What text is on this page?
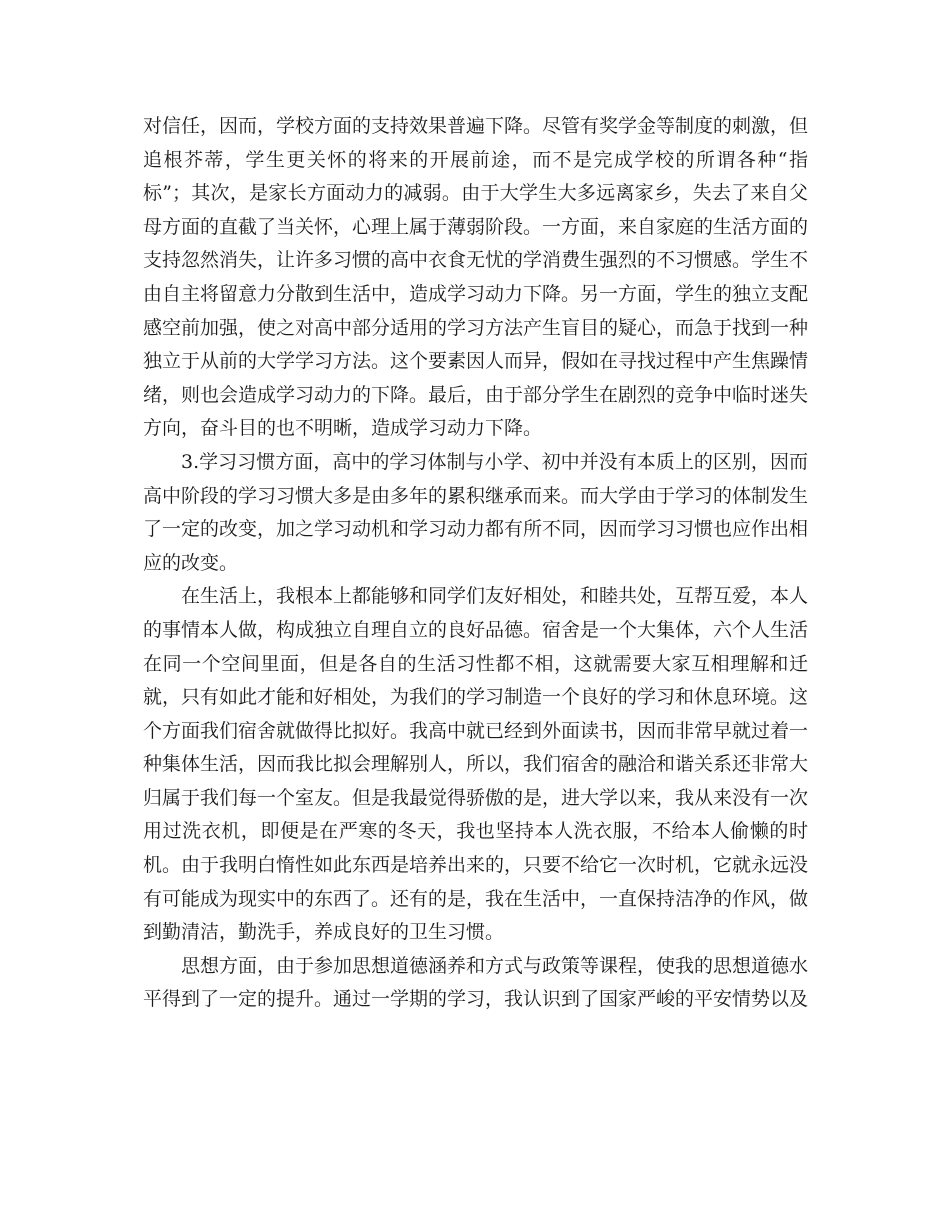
对信任，因而，学校方面的支持效果普遍下降。尽管有奖学金等制度的刺激，但追根芥蒂，学生更关怀的将来的开展前途，而不是完成学校的所谓各种“指标”；其次，是家长方面动力的减弱。由于大学生大多远离家乡，失去了来自父母方面的直截了当关怀，心理上属于薄弱阶段。一方面，来自家庭的生活方面的支持忽然消失，让许多习惯的高中衣食无忧的学消费生强烈的不习惯感。学生不由自主将留意力分散到生活中，造成学习动力下降。另一方面，学生的独立支配感空前加强，使之对高中部分适用的学习方法产生盲目的疑心，而急于找到一种独立于从前的大学学习方法。这个要素因人而异，假如在寻找过程中产生焦躁情绪，则也会造成学习动力的下降。最后，由于部分学生在剧烈的竞争中临时迷失方向，奋斗目的也不明晰，造成学习动力下降。

3.学习习惯方面，高中的学习体制与小学、初中并没有本质上的区别，因而高中阶段的学习习惯大多是由多年的累积继承而来。而大学由于学习的体制发生了一定的改变，加之学习动机和学习动力都有所不同，因而学习习惯也应作出相应的改变。

在生活上，我根本上都能够和同学们友好相处，和睦共处，互帮互爱，本人的事情本人做，构成独立自理自立的良好品德。宿舍是一个大集体，六个人生活在同一个空间里面，但是各自的生活习性都不相，这就需要大家互相理解和迁就，只有如此才能和好相处，为我们的学习制造一个良好的学习和休息环境。这个方面我们宿舍就做得比拟好。我高中就已经到外面读书，因而非常早就过着一种集体生活，因而我比拟会理解别人，所以，我们宿舍的融洽和谐关系还非常大归属于我们每一个室友。但是我最觉得骄傲的是，进大学以来，我从来没有一次用过洗衣机，即便是在严寒的冬天，我也坚持本人洗衣服，不给本人偷懒的时机。由于我明白惰性如此东西是培养出来的，只要不给它一次时机，它就永远没有可能成为现实中的东西了。还有的是，我在生活中，一直保持洁净的作风，做到勤清洁，勤洗手，养成良好的卫生习惯。

思想方面，由于参加思想道德涵养和方式与政策等课程，使我的思想道德水平得到了一定的提升。通过一学期的学习，我认识到了国家严峻的平安情势以及
